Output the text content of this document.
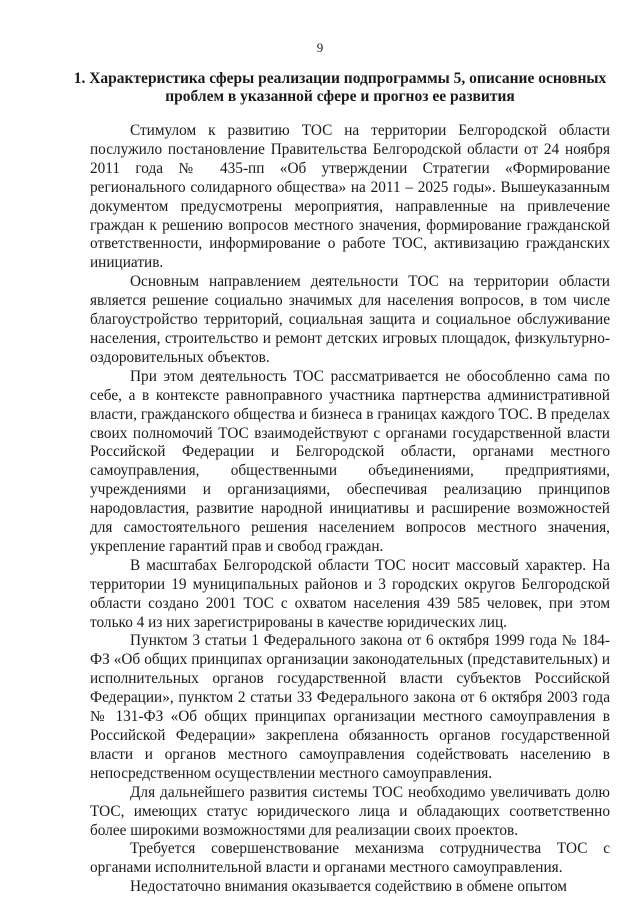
9
1. Характеристика сферы реализации подпрограммы 5, описание основных проблем в указанной сфере и прогноз ее развития

Стимулом к развитию ТОС на территории Белгородской области послужило постановление Правительства Белгородской области от 24 ноября 2011 года № 435-пп «Об утверждении Стратегии «Формирование регионального солидарного общества» на 2011 – 2025 годы». Вышеуказанным документом предусмотрены мероприятия, направленные на привлечение граждан к решению вопросов местного значения, формирование гражданской ответственности, информирование о работе ТОС, активизацию гражданских инициатив.

Основным направлением деятельности ТОС на территории области является решение социально значимых для населения вопросов, в том числе благоустройство территорий, социальная защита и социальное обслуживание населения, строительство и ремонт детских игровых площадок, физкультурно-оздоровительных объектов.

При этом деятельность ТОС рассматривается не обособленно сама по себе, а в контексте равноправного участника партнерства административной власти, гражданского общества и бизнеса в границах каждого ТОС. В пределах своих полномочий ТОС взаимодействуют с органами государственной власти Российской Федерации и Белгородской области, органами местного самоуправления, общественными объединениями, предприятиями, учреждениями и организациями, обеспечивая реализацию принципов народовластия, развитие народной инициативы и расширение возможностей для самостоятельного решения населением вопросов местного значения, укрепление гарантий прав и свобод граждан.

В масштабах Белгородской области ТОС носит массовый характер. На территории 19 муниципальных районов и 3 городских округов Белгородской области создано 2001 ТОС с охватом населения 439 585 человек, при этом только 4 из них зарегистрированы в качестве юридических лиц.

Пунктом 3 статьи 1 Федерального закона от 6 октября 1999 года № 184-ФЗ «Об общих принципах организации законодательных (представительных) и исполнительных органов государственной власти субъектов Российской Федерации», пунктом 2 статьи 33 Федерального закона от 6 октября 2003 года № 131-ФЗ «Об общих принципах организации местного самоуправления в Российской Федерации» закреплена обязанность органов государственной власти и органов местного самоуправления содействовать населению в непосредственном осуществлении местного самоуправления.

Для дальнейшего развития системы ТОС необходимо увеличивать долю ТОС, имеющих статус юридического лица и обладающих соответственно более широкими возможностями для реализации своих проектов.

Требуется совершенствование механизма сотрудничества ТОС с органами исполнительной власти и органами местного самоуправления.

Недостаточно внимания оказывается содействию в обмене опытом
